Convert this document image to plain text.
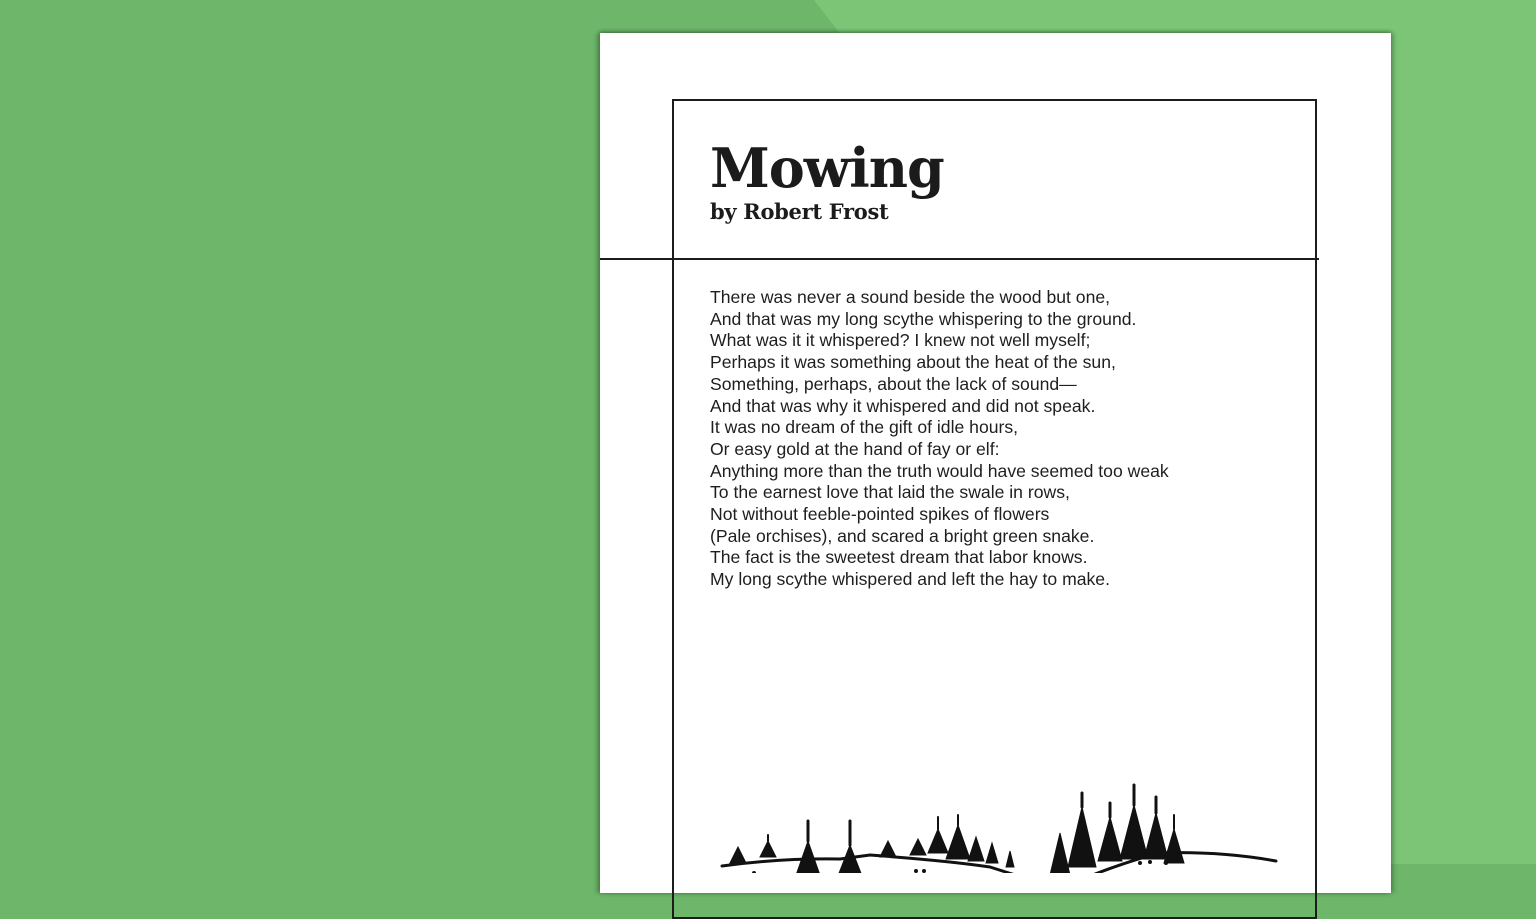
Mowing
by Robert Frost
There was never a sound beside the wood but one,
And that was my long scythe whispering to the ground.
What was it it whispered? I knew not well myself;
Perhaps it was something about the heat of the sun,
Something, perhaps, about the lack of sound—
And that was why it whispered and did not speak.
It was no dream of the gift of idle hours,
Or easy gold at the hand of fay or elf:
Anything more than the truth would have seemed too weak
To the earnest love that laid the swale in rows,
Not without feeble-pointed spikes of flowers
(Pale orchises), and scared a bright green snake.
The fact is the sweetest dream that labor knows.
My long scythe whispered and left the hay to make.
